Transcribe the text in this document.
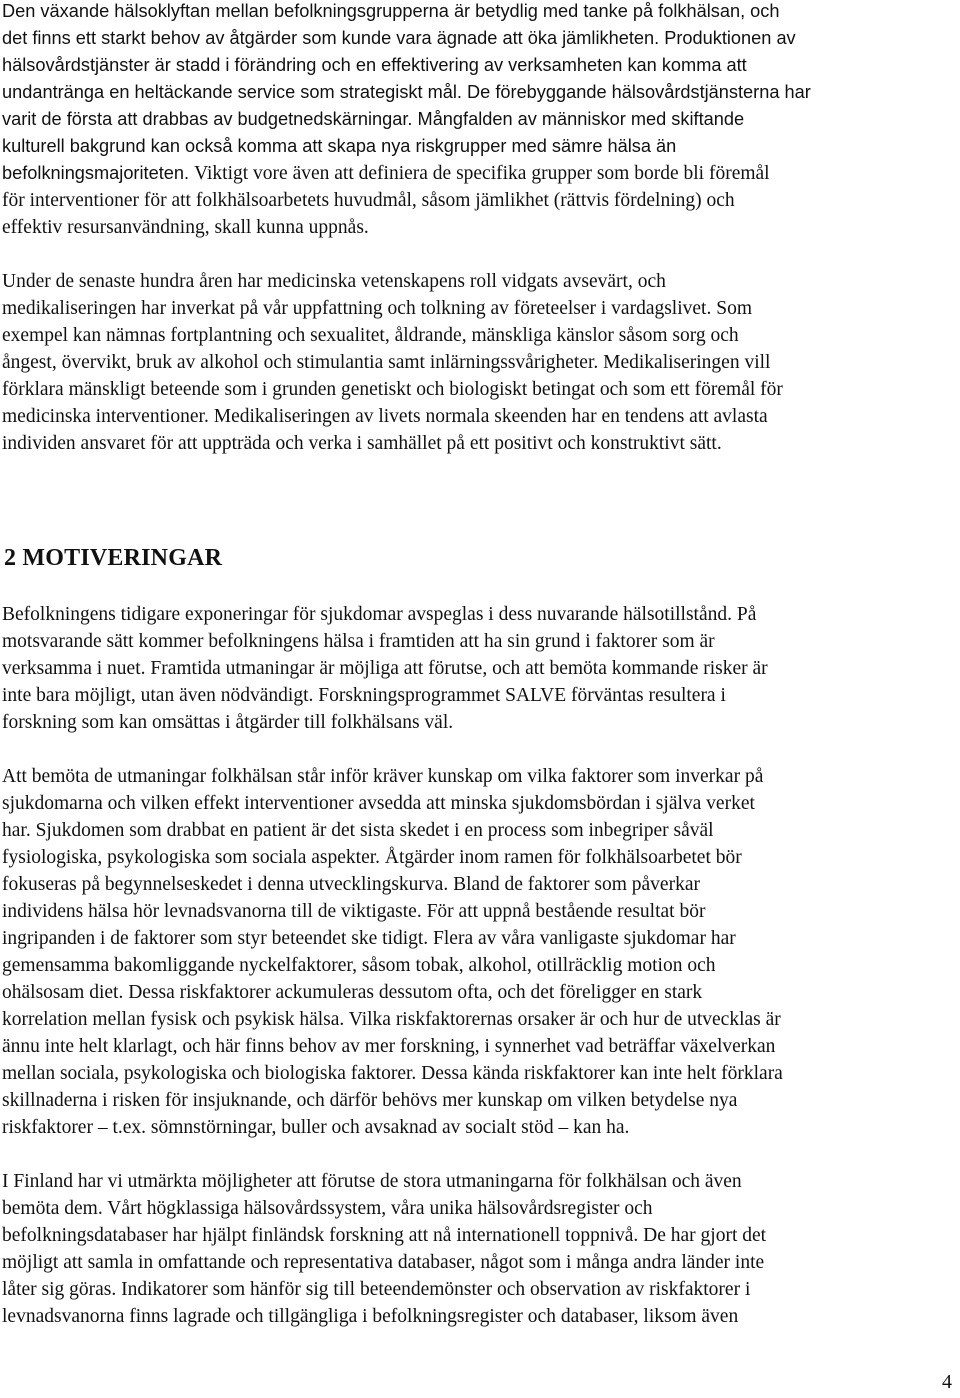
Den växande hälsoklyftan mellan befolkningsgrupperna är betydlig med tanke på folkhälsan, och
det finns ett starkt behov av åtgärder som kunde vara ägnade att öka jämlikheten. Produktionen av
hälsovårdstjänster är stadd i förändring och en effektivering av verksamheten kan komma att
undantränga en heltäckande service som strategiskt mål. De förebyggande hälsovårdstjänsterna har
varit de första att drabbas av budgetnedskärningar. Mångfalden av människor med skiftande
kulturell bakgrund kan också komma att skapa nya riskgrupper med sämre hälsa än
befolkningsmajoriteten. Viktigt vore även att definiera de specifika grupper som borde bli föremål
för interventioner för att folkhälsoarbetets huvudmål, såsom jämlikhet (rättvis fördelning) och
effektiv resursanvändning, skall kunna uppnås.

Under de senaste hundra åren har medicinska vetenskapens roll vidgats avsevärt, och
medikaliseringen har inverkat på vår uppfattning och tolkning av företeelser i vardagslivet. Som
exempel kan nämnas fortplantning och sexualitet, åldrande, mänskliga känslor såsom sorg och
ångest, övervikt, bruk av alkohol och stimulantia samt inlärningssvårigheter. Medikaliseringen vill
förklara mänskligt beteende som i grunden genetiskt och biologiskt betingat och som ett föremål för
medicinska interventioner. Medikaliseringen av livets normala skeenden har en tendens att avlasta
individen ansvaret för att uppträda och verka i samhället på ett positivt och konstruktivt sätt.

2 MOTIVERINGAR

Befolkningens tidigare exponeringar för sjukdomar avspeglas i dess nuvarande hälsotillstånd. På
motsvarande sätt kommer befolkningens hälsa i framtiden att ha sin grund i faktorer som är
verksamma i nuet. Framtida utmaningar är möjliga att förutse, och att bemöta kommande risker är
inte bara möjligt, utan även nödvändigt. Forskningsprogrammet SALVE förväntas resultera i
forskning som kan omsättas i åtgärder till folkhälsans väl.

Att bemöta de utmaningar folkhälsan står inför kräver kunskap om vilka faktorer som inverkar på
sjukdomarna och vilken effekt interventioner avsedda att minska sjukdomsbördan i själva verket
har. Sjukdomen som drabbat en patient är det sista skedet i en process som inbegriper såväl
fysiologiska, psykologiska som sociala aspekter. Åtgärder inom ramen för folkhälsoarbetet bör
fokuseras på begynnelseskedet i denna utvecklingskurva. Bland de faktorer som påverkar
individens hälsa hör levnadsvanorna till de viktigaste. För att uppnå bestående resultat bör
ingripanden i de faktorer som styr beteendet ske tidigt. Flera av våra vanligaste sjukdomar har
gemensamma bakomliggande nyckelfaktorer, såsom tobak, alkohol, otillräcklig motion och
ohälsosam diet. Dessa riskfaktorer ackumuleras dessutom ofta, och det föreligger en stark
korrelation mellan fysisk och psykisk hälsa. Vilka riskfaktorernas orsaker är och hur de utvecklas är
ännu inte helt klarlagt, och här finns behov av mer forskning, i synnerhet vad beträffar växelverkan
mellan sociala, psykologiska och biologiska faktorer. Dessa kända riskfaktorer kan inte helt förklara
skillnaderna i risken för insjuknande, och därför behövs mer kunskap om vilken betydelse nya
riskfaktorer – t.ex. sömnstörningar, buller och avsaknad av socialt stöd – kan ha.

I Finland har vi utmärkta möjligheter att förutse de stora utmaningarna för folkhälsan och även
bemöta dem. Vårt högklassiga hälsovårdssystem, våra unika hälsovårdsregister och
befolkningsdatabaser har hjälpt finländsk forskning att nå internationell toppnivå. De har gjort det
möjligt att samla in omfattande och representativa databaser, något som i många andra länder inte
låter sig göras. Indikatorer som hänför sig till beteendemönster och observation av riskfaktorer i
levnadsvanorna finns lagrade och tillgängliga i befolkningsregister och databaser, liksom även

4
